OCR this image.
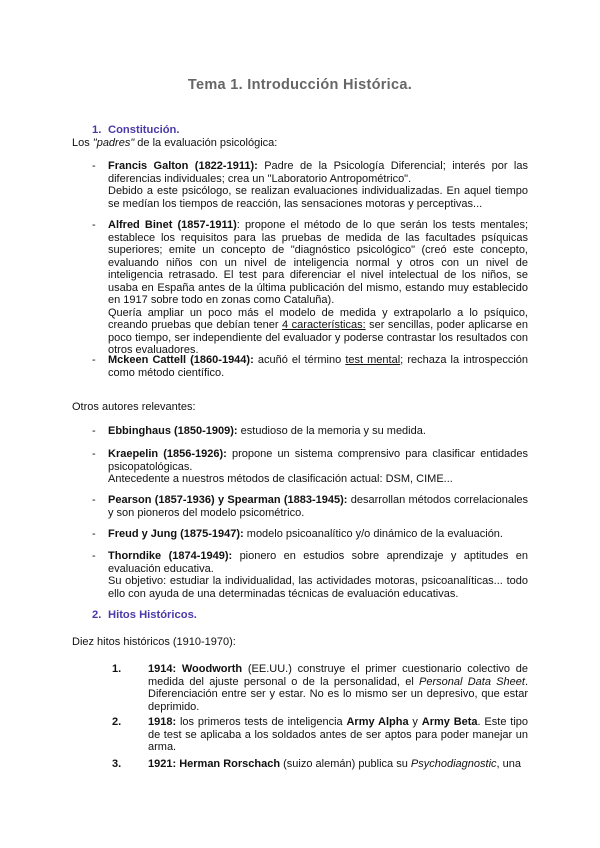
Tema 1. Introducción Histórica.
1. Constitución.
Los "padres" de la evaluación psicológica:
- Francis Galton (1822-1911): Padre de la Psicología Diferencial; interés por las diferencias individuales; crea un "Laboratorio Antropométrico".

Debido a este psicólogo, se realizan evaluaciones individualizadas. En aquel tiempo se medían los tiempos de reacción, las sensaciones motoras y perceptivas...

- Alfred Binet (1857-1911): propone el método de lo que serán los tests mentales; establece los requisitos para las pruebas de medida de las facultades psíquicas superiores; emite un concepto de "diagnóstico psicológico" (creó este concepto, evaluando niños con un nivel de inteligencia normal y otros con un nivel de inteligencia retrasado. El test para diferenciar el nivel intelectual de los niños, se usaba en España antes de la última publicación del mismo, estando muy establecido en 1917 sobre todo en zonas como Cataluña).

Quería ampliar un poco más el modelo de medida y extrapolarlo a lo psíquico, creando pruebas que debían tener 4 características: ser sencillas, poder aplicarse en poco tiempo, ser independiente del evaluador y poderse contrastar los resultados con otros evaluadores.

- Mckeen Cattell (1860-1944): acuñó el término test mental; rechaza la introspección como método científico.

Otros autores relevantes:
- Ebbinghaus (1850-1909): estudioso de la memoria y su medida.

- Kraepelin (1856-1926): propone un sistema comprensivo para clasificar entidades psicopatológicas.

Antecedente a nuestros métodos de clasificación actual: DSM, CIME...

- Pearson (1857-1936) y Spearman (1883-1945): desarrollan métodos correlacionales y son pioneros del modelo psicométrico.

- Freud y Jung (1875-1947): modelo psicoanalítico y/o dinámico de la evaluación.

- Thorndike (1874-1949): pionero en estudios sobre aprendizaje y aptitudes en evaluación educativa.

Su objetivo: estudiar la individualidad, las actividades motoras, psicoanalíticas... todo ello con ayuda de una determinadas técnicas de evaluación educativas.

2. Hitos Históricos.
Diez hitos históricos (1910-1970):
1. 1914: Woodworth (EE.UU.) construye el primer cuestionario colectivo de medida del ajuste personal o de la personalidad, el Personal Data Sheet. Diferenciación entre ser y estar. No es lo mismo ser un depresivo, que estar deprimido.

2. 1918: los primeros tests de inteligencia Army Alpha y Army Beta. Este tipo de test se aplicaba a los soldados antes de ser aptos para poder manejar un arma.

3. 1921: Herman Rorschach (suizo alemán) publica su Psychodiagnostic, una
